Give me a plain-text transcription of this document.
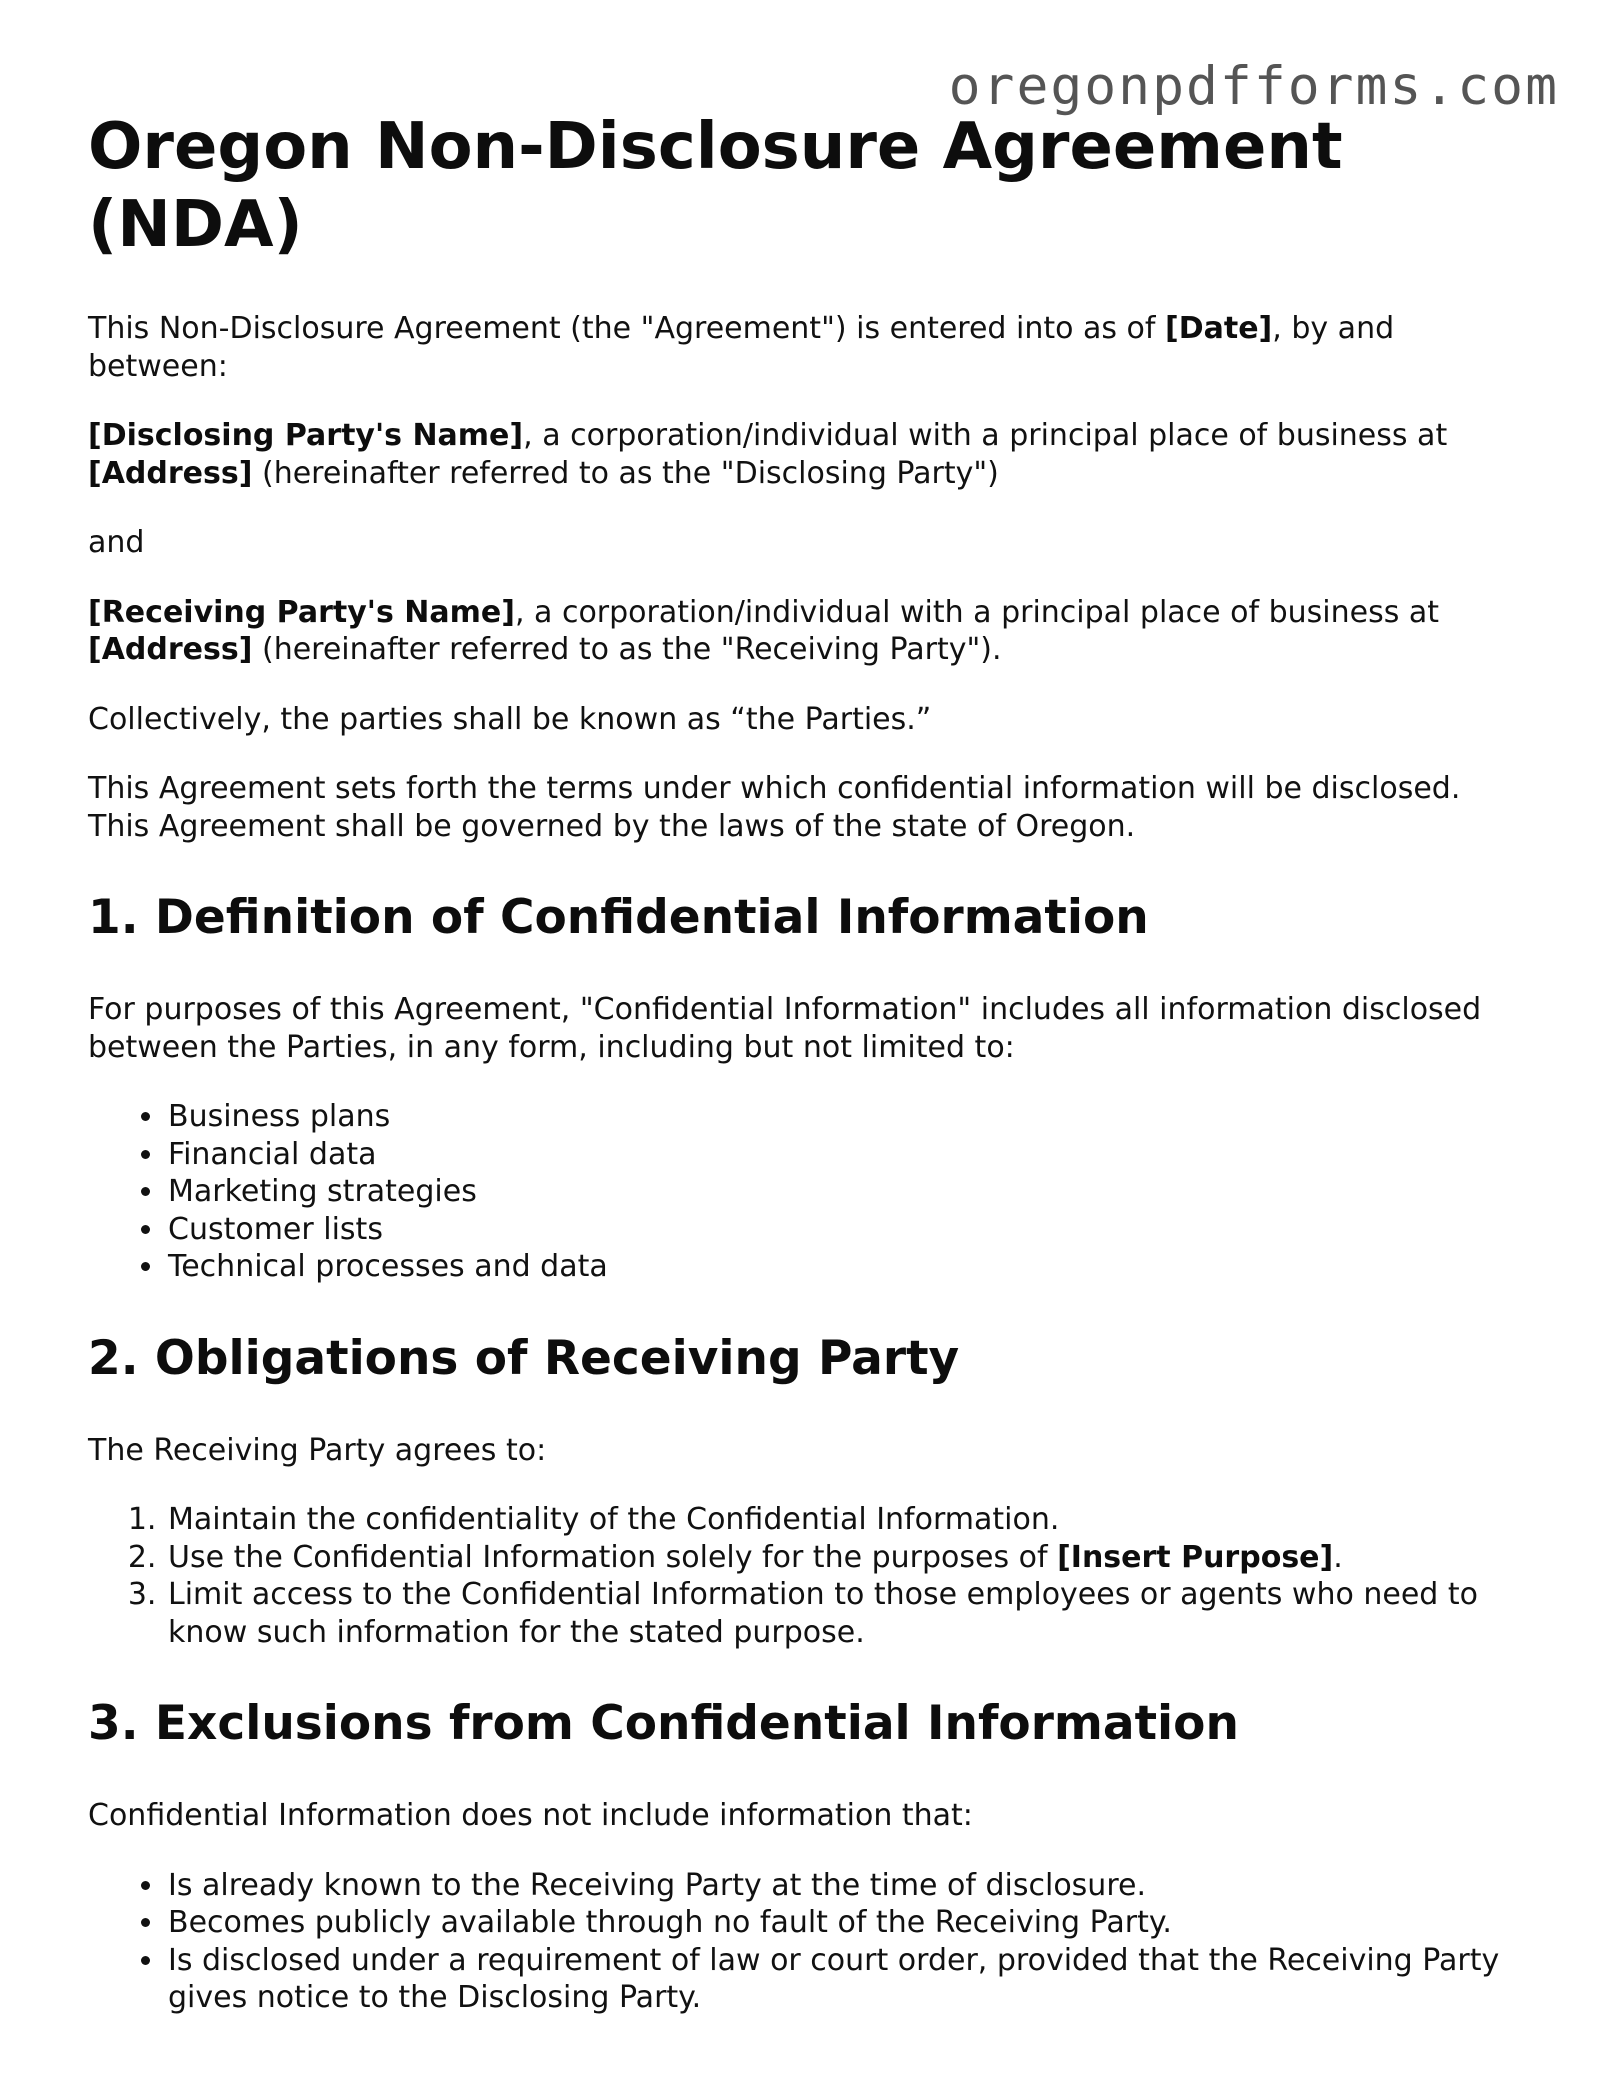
oregonpdfforms.com
Oregon Non-Disclosure Agreement (NDA)

This Non-Disclosure Agreement (the "Agreement") is entered into as of [Date], by and between:

[Disclosing Party's Name], a corporation/individual with a principal place of business at [Address] (hereinafter referred to as the "Disclosing Party")

and

[Receiving Party's Name], a corporation/individual with a principal place of business at [Address] (hereinafter referred to as the "Receiving Party").

Collectively, the parties shall be known as “the Parties.”

This Agreement sets forth the terms under which confidential information will be disclosed. This Agreement shall be governed by the laws of the state of Oregon.

1. Definition of Confidential Information

For purposes of this Agreement, "Confidential Information" includes all information disclosed between the Parties, in any form, including but not limited to:

• Business plans
• Financial data
• Marketing strategies
• Customer lists
• Technical processes and data
2. Obligations of Receiving Party

The Receiving Party agrees to:

1. Maintain the confidentiality of the Confidential Information.
2. Use the Confidential Information solely for the purposes of [Insert Purpose].
3. Limit access to the Confidential Information to those employees or agents who need to know such information for the stated purpose.
3. Exclusions from Confidential Information

Confidential Information does not include information that:

• Is already known to the Receiving Party at the time of disclosure.
• Becomes publicly available through no fault of the Receiving Party.
• Is disclosed under a requirement of law or court order, provided that the Receiving Party gives notice to the Disclosing Party.
